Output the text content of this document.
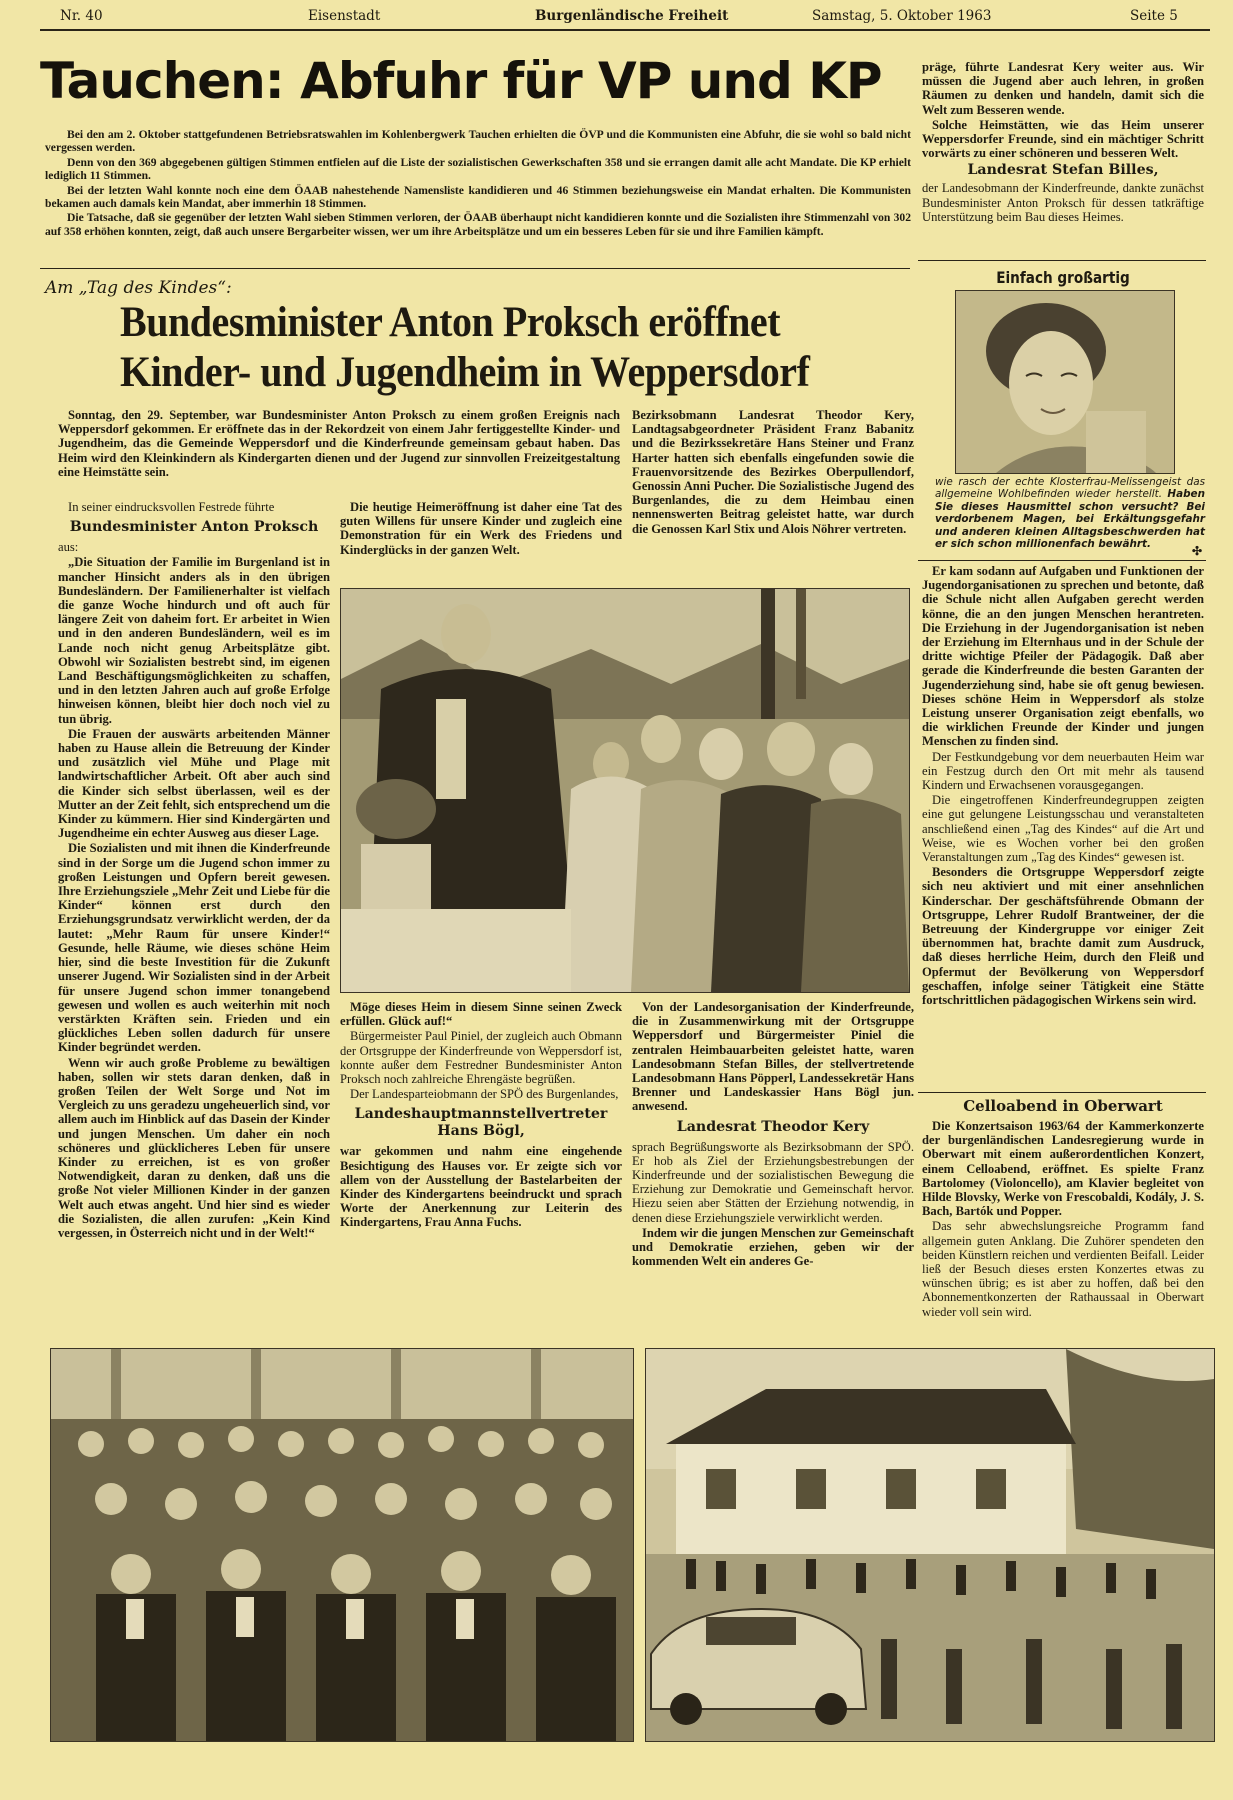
Nr. 40	Eisenstadt	Burgenländische Freiheit	Samstag, 5. Oktober 1963	Seite 5
Tauchen: Abfuhr für VP und KP

Bei den am 2. Oktober stattgefundenen Betriebsratswahlen im Kohlenbergwerk Tauchen erhielten die ÖVP und die Kommunisten eine Abfuhr, die sie wohl so bald nicht vergessen werden.

Denn von den 369 abgegebenen gültigen Stimmen entfielen auf die Liste der sozialistischen Gewerkschaften 358 und sie errangen damit alle acht Mandate. Die KP erhielt lediglich 11 Stimmen.

Bei der letzten Wahl konnte noch eine dem ÖAAB nahestehende Namensliste kandidieren und 46 Stimmen beziehungsweise ein Mandat erhalten. Die Kommunisten bekamen auch damals kein Mandat, aber immerhin 18 Stimmen.

Die Tatsache, daß sie gegenüber der letzten Wahl sieben Stimmen verloren, der ÖAAB überhaupt nicht kandidieren konnte und die Sozialisten ihre Stimmenzahl von 302 auf 358 erhöhen konnten, zeigt, daß auch unsere Bergarbeiter wissen, wer um ihre Arbeitsplätze und um ein besseres Leben für sie und ihre Familien kämpft.

präge, führte Landesrat Kery weiter aus. Wir müssen die Jugend aber auch lehren, in großen Räumen zu denken und handeln, damit sich die Welt zum Besseren wende.

Solche Heimstätten, wie das Heim unserer Weppersdorfer Freunde, sind ein mächtiger Schritt vorwärts zu einer schöneren und besseren Welt.

Landesrat Stefan Billes,

der Landesobmann der Kinderfreunde, dankte zunächst Bundesminister Anton Proksch für dessen tatkräftige Unterstützung beim Bau dieses Heimes.

Einfach großartig
wie rasch der echte Klosterfrau-Melissengeist das allgemeine Wohlbefinden wieder herstellt. Haben Sie dieses Hausmittel schon versucht? Bei verdorbenem Magen, bei Erkältungsgefahr und anderen kleinen Alltagsbeschwerden hat er sich schon millionenfach bewährt.	✣
Am „Tag des Kindes“:
Bundesminister Anton Proksch eröffnet
Kinder- und Jugendheim in Weppersdorf

Sonntag, den 29. September, war Bundesminister Anton Proksch zu einem großen Ereignis nach Weppersdorf gekommen. Er eröffnete das in der Rekordzeit von einem Jahr fertiggestellte Kinder- und Jugendheim, das die Gemeinde Weppersdorf und die Kinderfreunde gemeinsam gebaut haben. Das Heim wird den Kleinkindern als Kindergarten dienen und der Jugend zur sinnvollen Freizeitgestaltung eine Heimstätte sein.

Bezirksobmann Landesrat Theodor Kery, Landtagsabgeordneter Präsident Franz Babanitz und die Bezirkssekretäre Hans Steiner und Franz Harter hatten sich ebenfalls eingefunden sowie die Frauenvorsitzende des Bezirkes Oberpullendorf, Genossin Anni Pucher. Die Sozialistische Jugend des Burgenlandes, die zu dem Heimbau einen nennenswerten Beitrag geleistet hatte, war durch die Genossen Karl Stix und Alois Nöhrer vertreten.

Die heutige Heimeröffnung ist daher eine Tat des guten Willens für unsere Kinder und zugleich eine Demonstration für ein Werk des Friedens und Kinderglücks in der ganzen Welt.

In seiner eindrucksvollen Festrede führte

Bundesminister Anton Proksch

aus:

„Die Situation der Familie im Burgenland ist in mancher Hinsicht anders als in den übrigen Bundesländern. Der Familienerhalter ist vielfach die ganze Woche hindurch und oft auch für längere Zeit von daheim fort. Er arbeitet in Wien und in den anderen Bundesländern, weil es im Lande noch nicht genug Arbeitsplätze gibt. Obwohl wir Sozialisten bestrebt sind, im eigenen Land Beschäftigungsmöglichkeiten zu schaffen, und in den letzten Jahren auch auf große Erfolge hinweisen können, bleibt hier doch noch viel zu tun übrig.

Die Frauen der auswärts arbeitenden Männer haben zu Hause allein die Betreuung der Kinder und zusätzlich viel Mühe und Plage mit landwirtschaftlicher Arbeit. Oft aber auch sind die Kinder sich selbst überlassen, weil es der Mutter an der Zeit fehlt, sich entsprechend um die Kinder zu kümmern. Hier sind Kindergärten und Jugendheime ein echter Ausweg aus dieser Lage.

Die Sozialisten und mit ihnen die Kinderfreunde sind in der Sorge um die Jugend schon immer zu großen Leistungen und Opfern bereit gewesen. Ihre Erziehungsziele „Mehr Zeit und Liebe für die Kinder“ können erst durch den Erziehungsgrundsatz verwirklicht werden, der da lautet: „Mehr Raum für unsere Kinder!“ Gesunde, helle Räume, wie dieses schöne Heim hier, sind die beste Investition für die Zukunft unserer Jugend. Wir Sozialisten sind in der Arbeit für unsere Jugend schon immer tonangebend gewesen und wollen es auch weiterhin mit noch verstärkten Kräften sein. Frieden und ein glückliches Leben sollen dadurch für unsere Kinder begründet werden.

Wenn wir auch große Probleme zu bewältigen haben, sollen wir stets daran denken, daß in großen Teilen der Welt Sorge und Not im Vergleich zu uns geradezu ungeheuerlich sind, vor allem auch im Hinblick auf das Dasein der Kinder und jungen Menschen. Um daher ein noch schöneres und glücklicheres Leben für unsere Kinder zu erreichen, ist es von großer Notwendigkeit, daran zu denken, daß uns die große Not vieler Millionen Kinder in der ganzen Welt auch etwas angeht. Und hier sind es wieder die Sozialisten, die allen zurufen: „Kein Kind vergessen, in Österreich nicht und in der Welt!“

Möge dieses Heim in diesem Sinne seinen Zweck erfüllen. Glück auf!“

Bürgermeister Paul Piniel, der zugleich auch Obmann der Ortsgruppe der Kinderfreunde von Weppersdorf ist, konnte außer dem Festredner Bundesminister Anton Proksch noch zahlreiche Ehrengäste begrüßen.

Der Landesparteiobmann der SPÖ des Burgenlandes,

Landeshauptmannstellvertreter
Hans Bögl,

war gekommen und nahm eine eingehende Besichtigung des Hauses vor. Er zeigte sich vor allem von der Ausstellung der Bastelarbeiten der Kinder des Kindergartens beeindruckt und sprach Worte der Anerkennung zur Leiterin des Kindergartens, Frau Anna Fuchs.

Von der Landesorganisation der Kinderfreunde, die in Zusammenwirkung mit der Ortsgruppe Weppersdorf und Bürgermeister Piniel die zentralen Heimbauarbeiten geleistet hatte, waren Landesobmann Stefan Billes, der stellvertretende Landesobmann Hans Pöpperl, Landessekretär Hans Brenner und Landeskassier Hans Bögl jun. anwesend.

Landesrat Theodor Kery

sprach Begrüßungsworte als Bezirksobmann der SPÖ. Er hob als Ziel der Erziehungsbestrebungen der Kinderfreunde und der sozialistischen Bewegung die Erziehung zur Demokratie und Gemeinschaft hervor. Hiezu seien aber Stätten der Erziehung notwendig, in denen diese Erziehungsziele verwirklicht werden.

Indem wir die jungen Menschen zur Gemeinschaft und Demokratie erziehen, geben wir der kommenden Welt ein anderes Ge-

Er kam sodann auf Aufgaben und Funktionen der Jugendorganisationen zu sprechen und betonte, daß die Schule nicht allen Aufgaben gerecht werden könne, die an den jungen Menschen herantreten. Die Erziehung in der Jugendorganisation ist neben der Erziehung im Elternhaus und in der Schule der dritte wichtige Pfeiler der Pädagogik. Daß aber gerade die Kinderfreunde die besten Garanten der Jugenderziehung sind, habe sie oft genug bewiesen. Dieses schöne Heim in Weppersdorf als stolze Leistung unserer Organisation zeigt ebenfalls, wo die wirklichen Freunde der Kinder und jungen Menschen zu finden sind.

Der Festkundgebung vor dem neuerbauten Heim war ein Festzug durch den Ort mit mehr als tausend Kindern und Erwachsenen vorausgegangen.

Die eingetroffenen Kinderfreundegruppen zeigten eine gut gelungene Leistungsschau und veranstalteten anschließend einen „Tag des Kindes“ auf die Art und Weise, wie es Wochen vorher bei den großen Veranstaltungen zum „Tag des Kindes“ gewesen ist.

Besonders die Ortsgruppe Weppersdorf zeigte sich neu aktiviert und mit einer ansehnlichen Kinderschar. Der geschäftsführende Obmann der Ortsgruppe, Lehrer Rudolf Brantweiner, der die Betreuung der Kindergruppe vor einiger Zeit übernommen hat, brachte damit zum Ausdruck, daß dieses herrliche Heim, durch den Fleiß und Opfermut der Bevölkerung von Weppersdorf geschaffen, infolge seiner Tätigkeit eine Stätte fortschrittlichen pädagogischen Wirkens sein wird.

Celloabend in Oberwart

Die Konzertsaison 1963/64 der Kammerkonzerte der burgenländischen Landesregierung wurde in Oberwart mit einem außerordentlichen Konzert, einem Celloabend, eröffnet. Es spielte Franz Bartolomey (Violoncello), am Klavier begleitet von Hilde Blovsky, Werke von Frescobaldi, Kodály, J. S. Bach, Bartók und Popper.

Das sehr abwechslungsreiche Programm fand allgemein guten Anklang. Die Zuhörer spendeten den beiden Künstlern reichen und verdienten Beifall. Leider ließ der Besuch dieses ersten Konzertes etwas zu wünschen übrig; es ist aber zu hoffen, daß bei den Abonnementkonzerten der Rathaussaal in Oberwart wieder voll sein wird.
